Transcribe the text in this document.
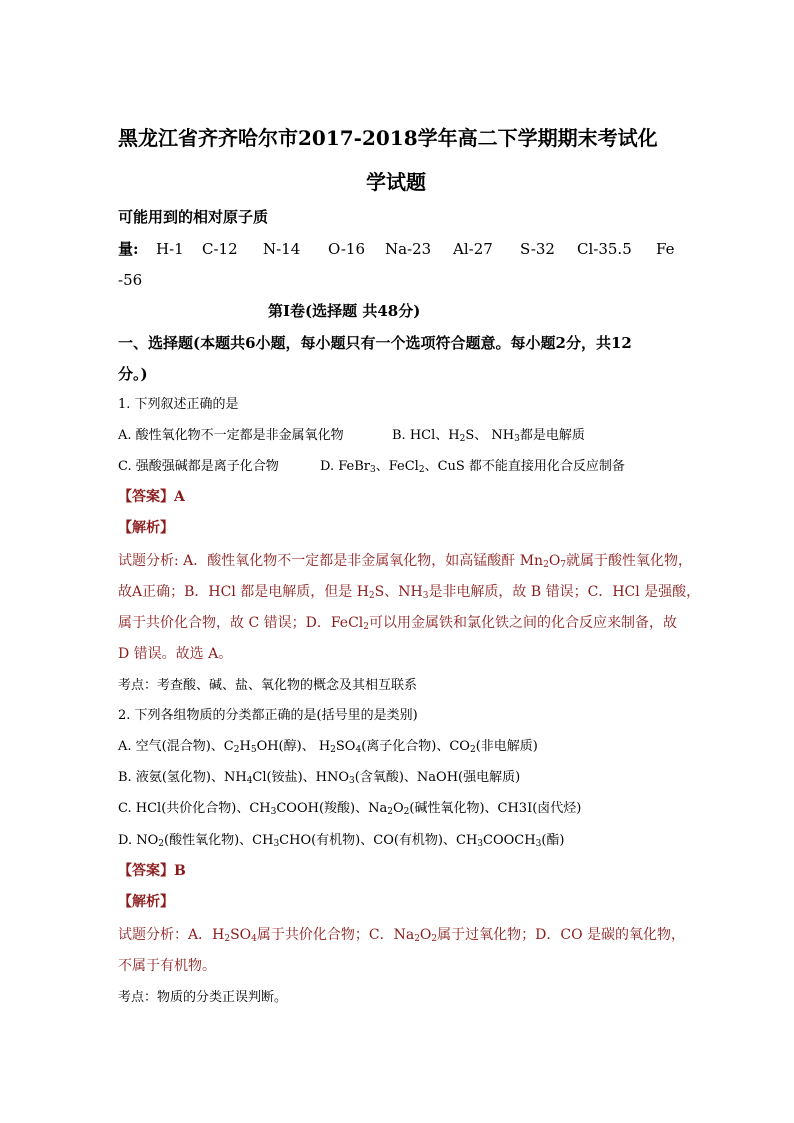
黑龙江省齐齐哈尔市2017-2018学年高二下学期期末考试化
学试题
可能用到的相对原子质
量: H-1 C-12 N-14 O-16 Na-23 Al-27 S-32 Cl-35.5 Fe
-56
第I卷(选择题 共48分)
一、选择题(本题共6小题，每小题只有一个选项符合题意。每小题2分，共12
分。)
1. 下列叙述正确的是
A. 酸性氧化物不一定都是非金属氧化物	B. HCl、$H_2S$、 $NH_3$都是电解质
C. 强酸强碱都是离子化合物	D. FeBr$_3$、FeCl$_2$、CuS 都不能直接用化合反应制备
【答案】A
【解析】
试题分析: A．酸性氧化物不一定都是非金属氧化物，如高锰酸酐 $Mn_2O_7$就属于酸性氧化物，
故A正确；B．HCl 都是电解质，但是 $H_2S$、$NH_3$是非电解质，故 B 错误；C．HCl 是强酸，
属于共价化合物，故 C 错误；D．FeCl$_2$可以用金属铁和氯化铁之间的化合反应来制备，故
D 错误。故选 A。
考点：考查酸、碱、盐、氧化物的概念及其相互联系
2. 下列各组物质的分类都正确的是(括号里的是类别)
A. 空气(混合物)、$C_2H_5OH$(醇)、 $H_2SO_4$(离子化合物)、$CO_2$(非电解质)
B. 液氨(氢化物)、$NH_4Cl$(铵盐)、$HNO_3$(含氧酸)、NaOH(强电解质)
C. HCl(共价化合物)、$CH_3COOH$(羧酸)、$Na_2O_2$(碱性氧化物)、CH3I(卤代烃)
D. $NO_2$(酸性氧化物)、$CH_3CHO$(有机物)、CO(有机物)、$CH_3COOCH_3$(酯)
【答案】B
【解析】
试题分析：A．$H_2SO_4$属于共价化合物；C．$Na_2O_2$属于过氧化物；D．CO 是碳的氧化物，
不属于有机物。
考点：物质的分类正误判断。
